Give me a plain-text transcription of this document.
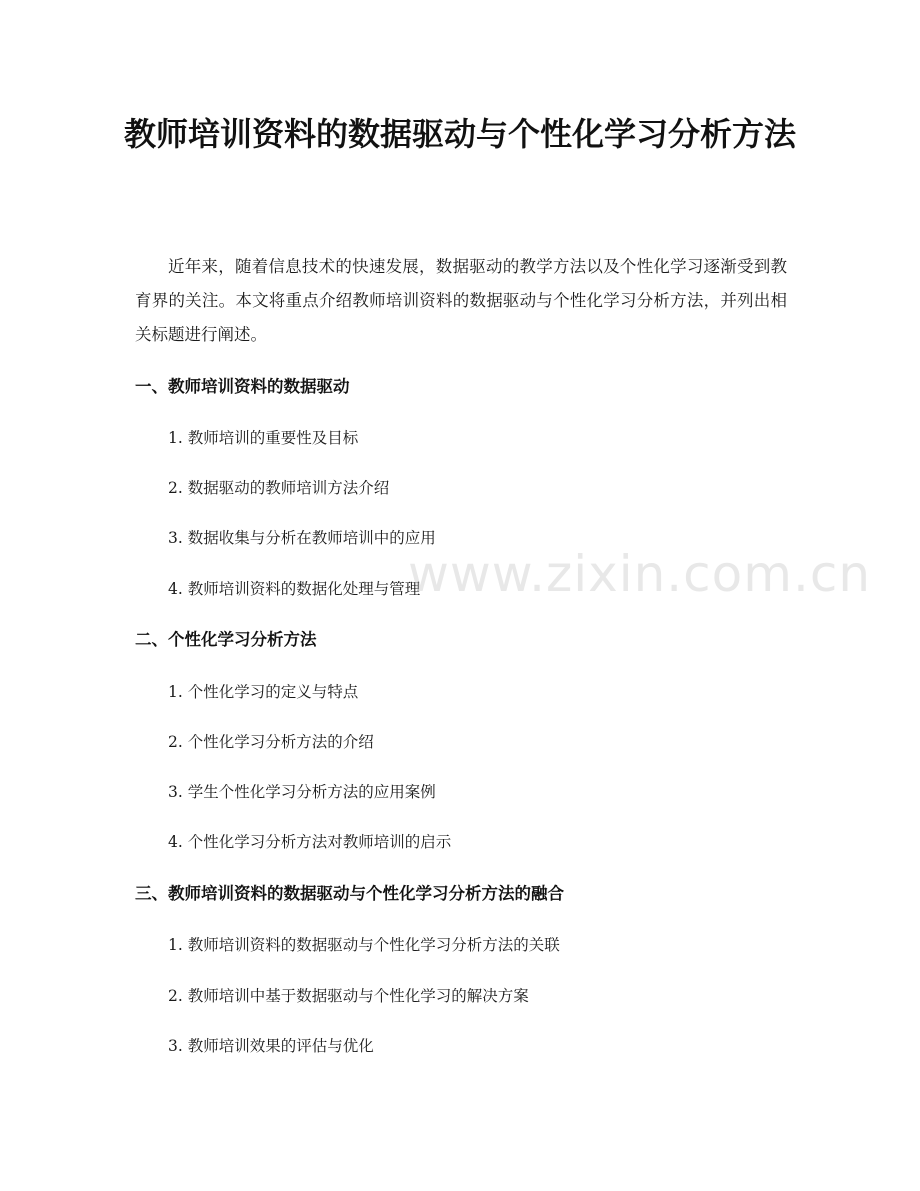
教师培训资料的数据驱动与个性化学习分析方法

近年来，随着信息技术的快速发展，数据驱动的教学方法以及个性化学习逐渐受到教育界的关注。本文将重点介绍教师培训资料的数据驱动与个性化学习分析方法，并列出相关标题进行阐述。

一、教师培训资料的数据驱动

1. 教师培训的重要性及目标

2. 数据驱动的教师培训方法介绍

3. 数据收集与分析在教师培训中的应用

4. 教师培训资料的数据化处理与管理

二、个性化学习分析方法

1. 个性化学习的定义与特点

2. 个性化学习分析方法的介绍

3. 学生个性化学习分析方法的应用案例

4. 个性化学习分析方法对教师培训的启示

三、教师培训资料的数据驱动与个性化学习分析方法的融合

1. 教师培训资料的数据驱动与个性化学习分析方法的关联

2. 教师培训中基于数据驱动与个性化学习的解决方案

3. 教师培训效果的评估与优化

www.zixin.com.cn
